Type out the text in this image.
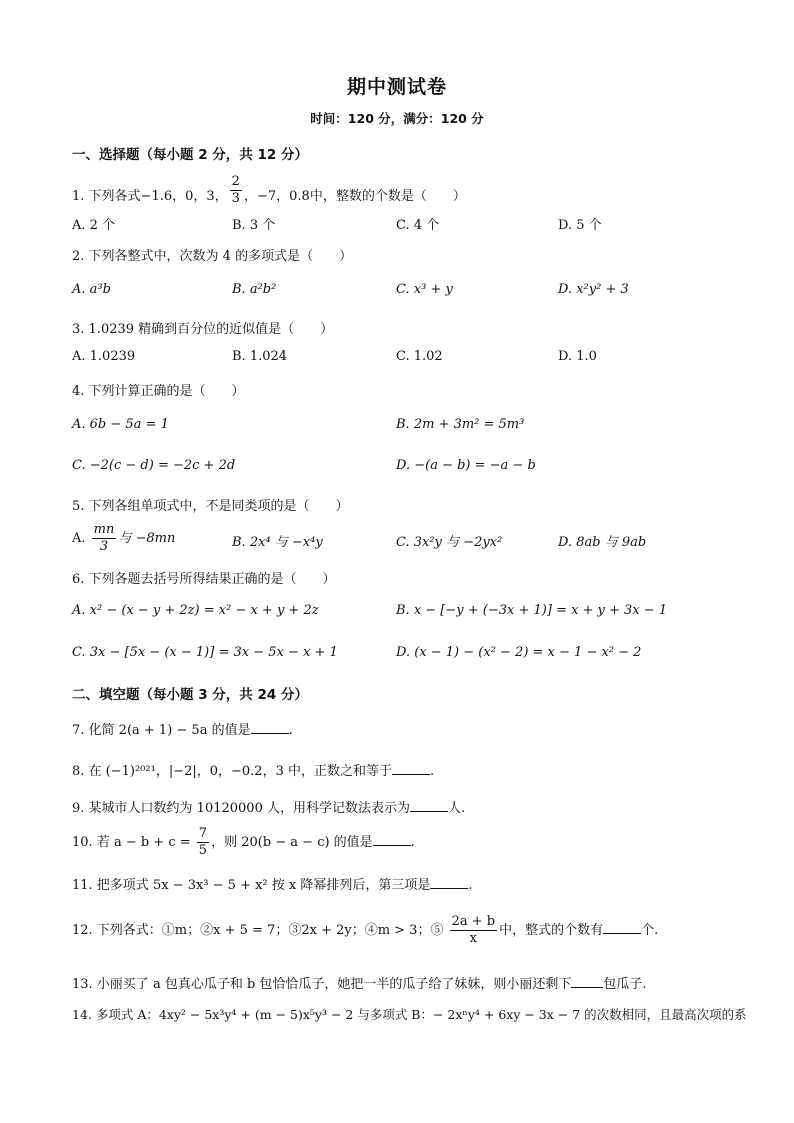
期中测试卷
时间：120 分，满分：120 分
一、选择题（每小题 2 分，共 12 分）
1. 下列各式−1.6，0，3， $\frac{2}{3}$ ，−7，0.8中，整数的个数是（　　）
A. 2 个	B. 3 个	C. 4 个	D. 5 个
2. 下列各整式中，次数为 4 的多项式是（　　）
A. a³b	B. a²b²	C. x³ + y	D. x²y² + 3
3. 1.0239 精确到百分位的近似值是（　　）
A. 1.0239	B. 1.024	C. 1.02	D. 1.0
4. 下列计算正确的是（　　）
A. 6b − 5a = 1	B. 2m + 3m² = 5m³
C. −2(c − d) = −2c + 2d	D. −(a − b) = −a − b
5. 下列各组单项式中，不是同类项的是（　　）
A. $\frac{mn}{3}$ 与 −8mn	B. 2x⁴ 与 −x⁴y	C. 3x²y 与 −2yx²	D. 8ab 与 9ab
6. 下列各题去括号所得结果正确的是（　　）
A. x² − (x − y + 2z) = x² − x + y + 2z	B. x − [−y + (−3x + 1)] = x + y + 3x − 1
C. 3x − [5x − (x − 1)] = 3x − 5x − x + 1	D. (x − 1) − (x² − 2) = x − 1 − x² − 2
二、填空题（每小题 3 分，共 24 分）
7. 化简 2(a + 1) − 5a 的值是	.
8. 在 (−1)²⁰²¹，|−2|，0，−0.2，3 中，正数之和等于	.
9. 某城市人口数约为 10120000 人，用科学记数法表示为	人.
10. 若 $a - b + c = \frac{7}{5}$ ，则 20(b − a − c) 的值是	.
11. 把多项式 5x − 3x³ − 5 + x² 按 x 降幂排列后，第三项是	.
12. 下列各式：①m；②x + 5 = 7；③2x + 2y；④m > 3；⑤ $\frac{2a + b}{x}$ 中，整式的个数有	个.
13. 小丽买了 a 包真心瓜子和 b 包恰恰瓜子，她把一半的瓜子给了妹妹，则小丽还剩下 包瓜子.
14. 多项式 A：4xy² − 5x³y⁴ + (m − 5)x⁵y³ − 2 与多项式 B：− 2xⁿy⁴ + 6xy − 3x − 7 的次数相同，且最高次项的系
